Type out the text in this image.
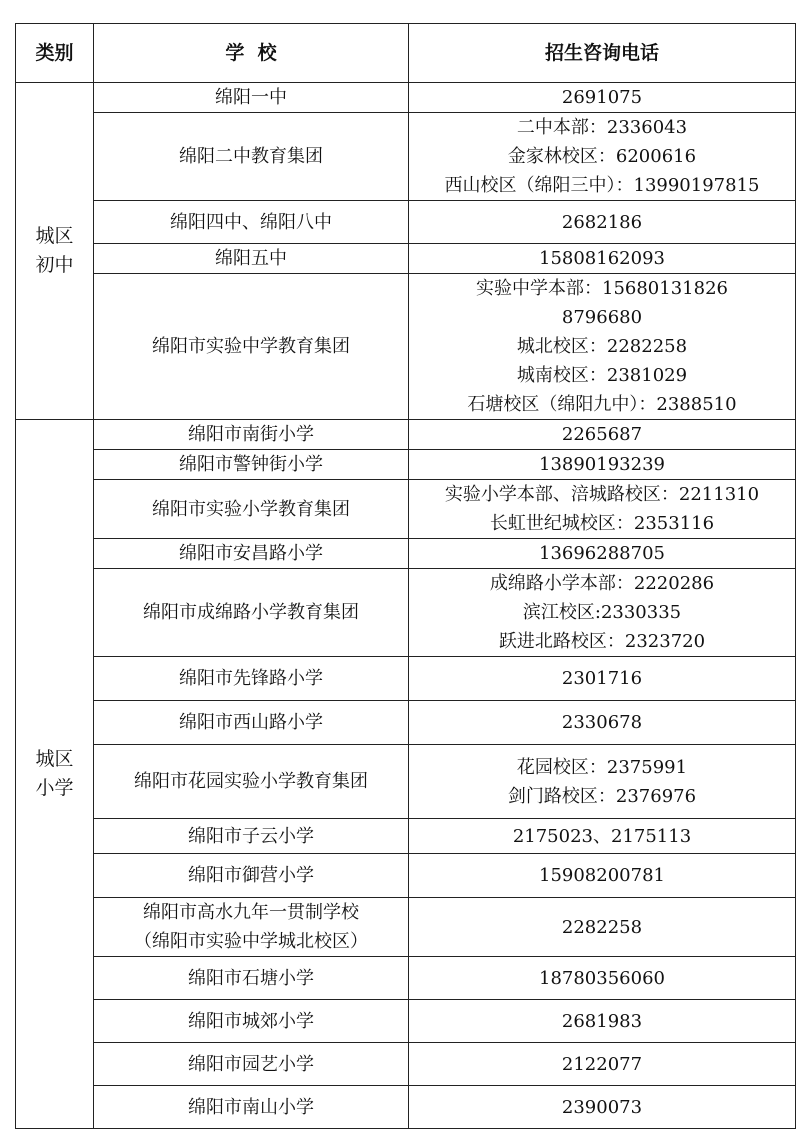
类别	学  校	招生咨询电话

城区
初中	绵阳一中	2691075

	绵阳二中教育集团	二中本部：2336043
金家林校区：6200616
西山校区（绵阳三中）：13990197815

	绵阳四中、绵阳八中	2682186

	绵阳五中	15808162093

	绵阳市实验中学教育集团	实验中学本部：15680131826
8796680
城北校区：2282258
城南校区：2381029
石塘校区（绵阳九中）：2388510

城区
小学	绵阳市南街小学	2265687

	绵阳市警钟街小学	13890193239

	绵阳市实验小学教育集团	实验小学本部、涪城路校区：2211310
长虹世纪城校区：2353116

	绵阳市安昌路小学	13696288705

	绵阳市成绵路小学教育集团	成绵路小学本部：2220286
滨江校区:2330335
跃进北路校区：2323720

	绵阳市先锋路小学	2301716

	绵阳市西山路小学	2330678

	绵阳市花园实验小学教育集团	花园校区：2375991
剑门路校区：2376976

	绵阳市子云小学	2175023、2175113

	绵阳市御营小学	15908200781

	绵阳市高水九年一贯制学校
（绵阳市实验中学城北校区）	2282258

	绵阳市石塘小学	18780356060

	绵阳市城郊小学	2681983

	绵阳市园艺小学	2122077

	绵阳市南山小学	2390073
